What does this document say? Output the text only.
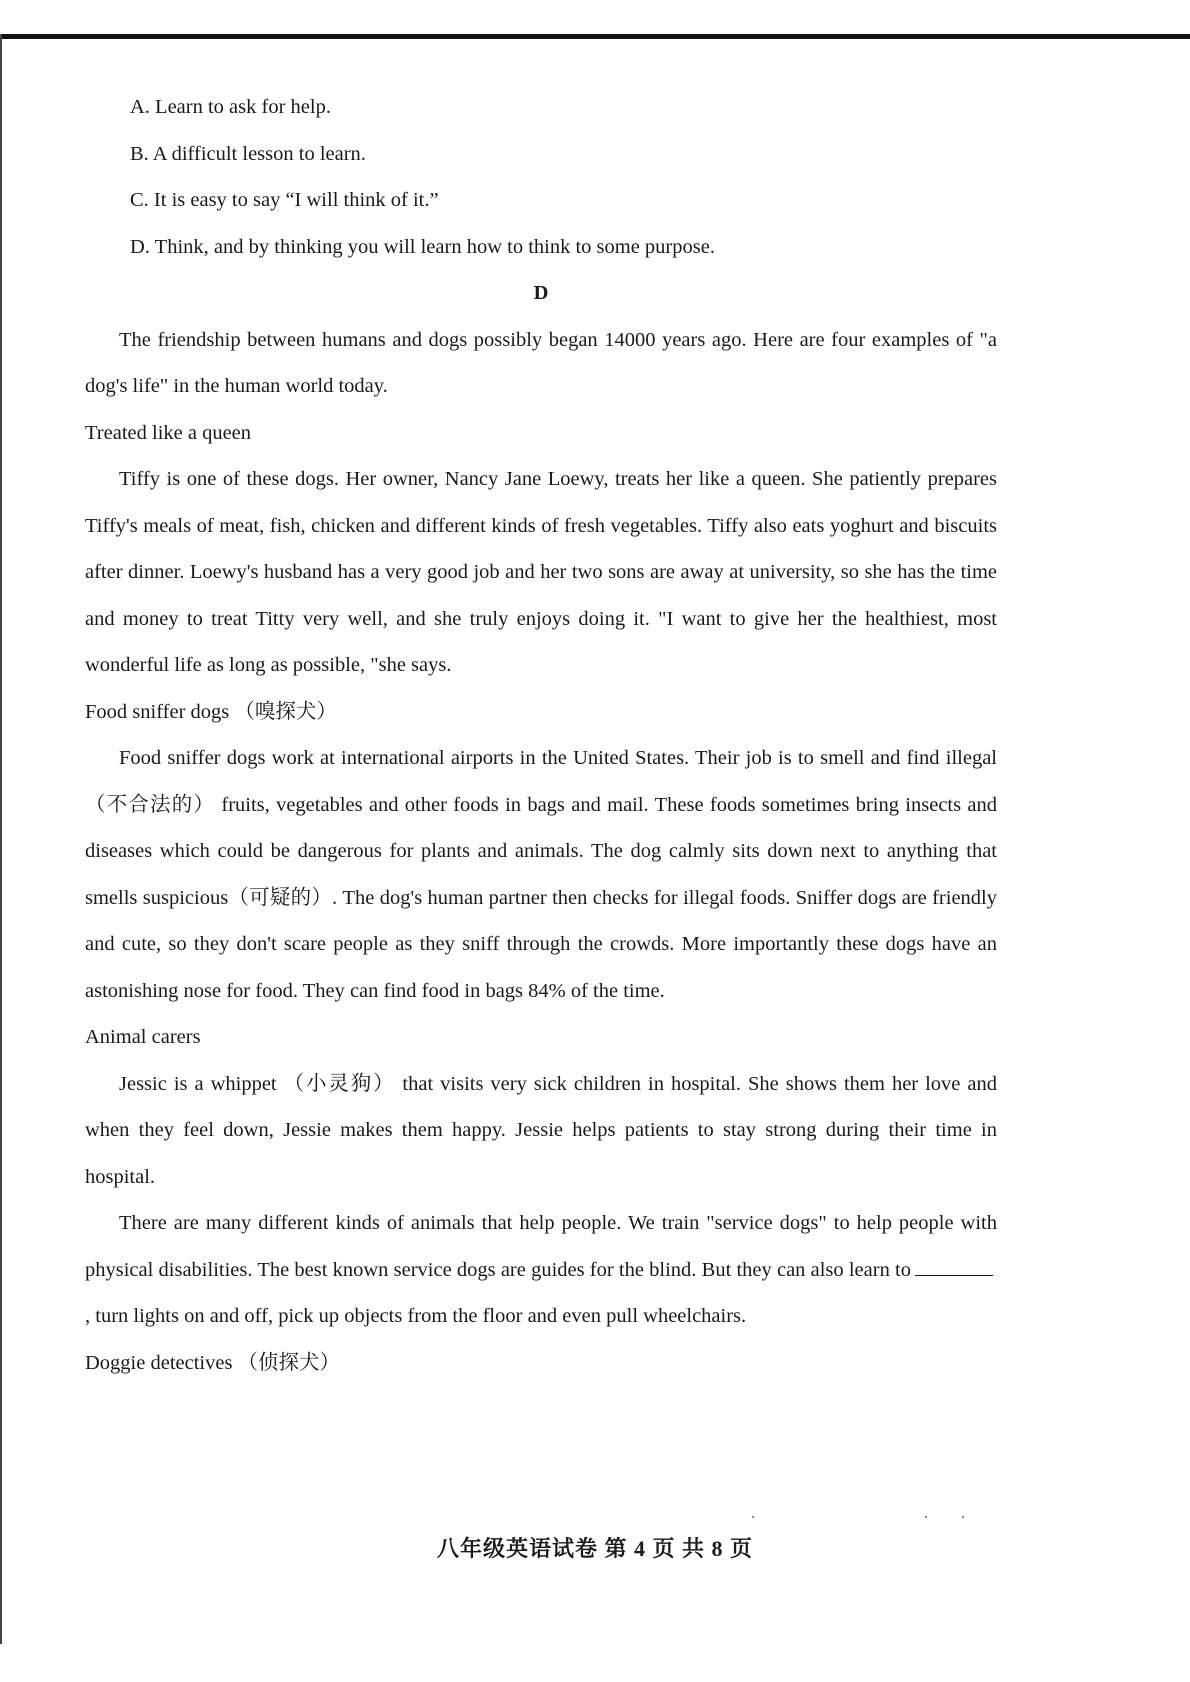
A. Learn to ask for help.

B. A difficult lesson to learn.

C. It is easy to say “I will think of it.”

D. Think, and by thinking you will learn how to think to some purpose.

D

The friendship between humans and dogs possibly began 14000 years ago. Here are four examples of "a dog's life" in the human world today.

Treated like a queen

Tiffy is one of these dogs. Her owner, Nancy Jane Loewy, treats her like a queen. She patiently prepares Tiffy's meals of meat, fish, chicken and different kinds of fresh vegetables. Tiffy also eats yoghurt and biscuits after dinner. Loewy's husband has a very good job and her two sons are away at university, so she has the time and money to treat Titty very well, and she truly enjoys doing it. "I want to give her the healthiest, most wonderful life as long as possible, "she says.

Food sniffer dogs （嗅探犬）

Food sniffer dogs work at international airports in the United States. Their job is to smell and find illegal （不合法的） fruits, vegetables and other foods in bags and mail. These foods sometimes bring insects and diseases which could be dangerous for plants and animals. The dog calmly sits down next to anything that smells suspicious（可疑的）. The dog's human partner then checks for illegal foods. Sniffer dogs are friendly and cute, so they don't scare people as they sniff through the crowds. More importantly these dogs have an astonishing nose for food. They can find food in bags 84% of the time.

Animal carers

Jessic is a whippet （小灵狗） that visits very sick children in hospital. She shows them her love and when they feel down, Jessie makes them happy. Jessie helps patients to stay strong during their time in hospital.

There are many different kinds of animals that help people. We train "service dogs" to help people with physical disabilities. The best known service dogs are guides for the blind. But they can also learn to, turn lights on and off, pick up objects from the floor and even pull wheelchairs.

Doggie detectives （侦探犬）

八年级英语试卷 第 4 页 共 8 页
